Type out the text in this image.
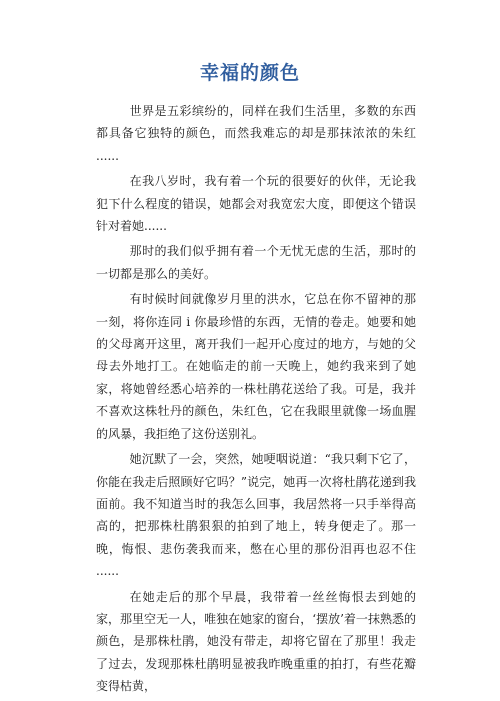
幸福的颜色

世界是五彩缤纷的，同样在我们生活里，多数的东西都具备它独特的颜色，而然我难忘的却是那抹浓浓的朱红 ......

在我八岁时，我有着一个玩的很要好的伙伴，无论我犯下什么程度的错误，她都会对我宽宏大度，即便这个错误针对着她......

那时的我们似乎拥有着一个无忧无虑的生活，那时的一切都是那么的美好。

有时候时间就像岁月里的洪水，它总在你不留神的那一刻，将你连同 i 你最珍惜的东西，无情的卷走。她要和她的父母离开这里，离开我们一起开心度过的地方，与她的父母去外地打工。在她临走的前一天晚上，她约我来到了她家，将她曾经悉心培养的一株杜鹃花送给了我。可是，我并不喜欢这株牡丹的颜色，朱红色，它在我眼里就像一场血腥的风暴，我拒绝了这份送别礼。

她沉默了一会，突然，她哽咽说道：“我只剩下它了，你能在我走后照顾好它吗？”说完，她再一次将杜鹃花递到我面前。我不知道当时的我怎么回事，我居然将一只手举得高高的，把那株杜鹃狠狠的拍到了地上，转身便走了。那一晚，悔恨、悲伤袭我而来，憋在心里的那份泪再也忍不住 ......

在她走后的那个早晨，我带着一丝丝悔恨去到她的家，那里空无一人，唯独在她家的窗台，‘摆放’着一抹熟悉的颜色，是那株杜鹃，她没有带走，却将它留在了那里！我走了过去，发现那株杜鹃明显被我昨晚重重的拍打，有些花瓣变得枯黄，
